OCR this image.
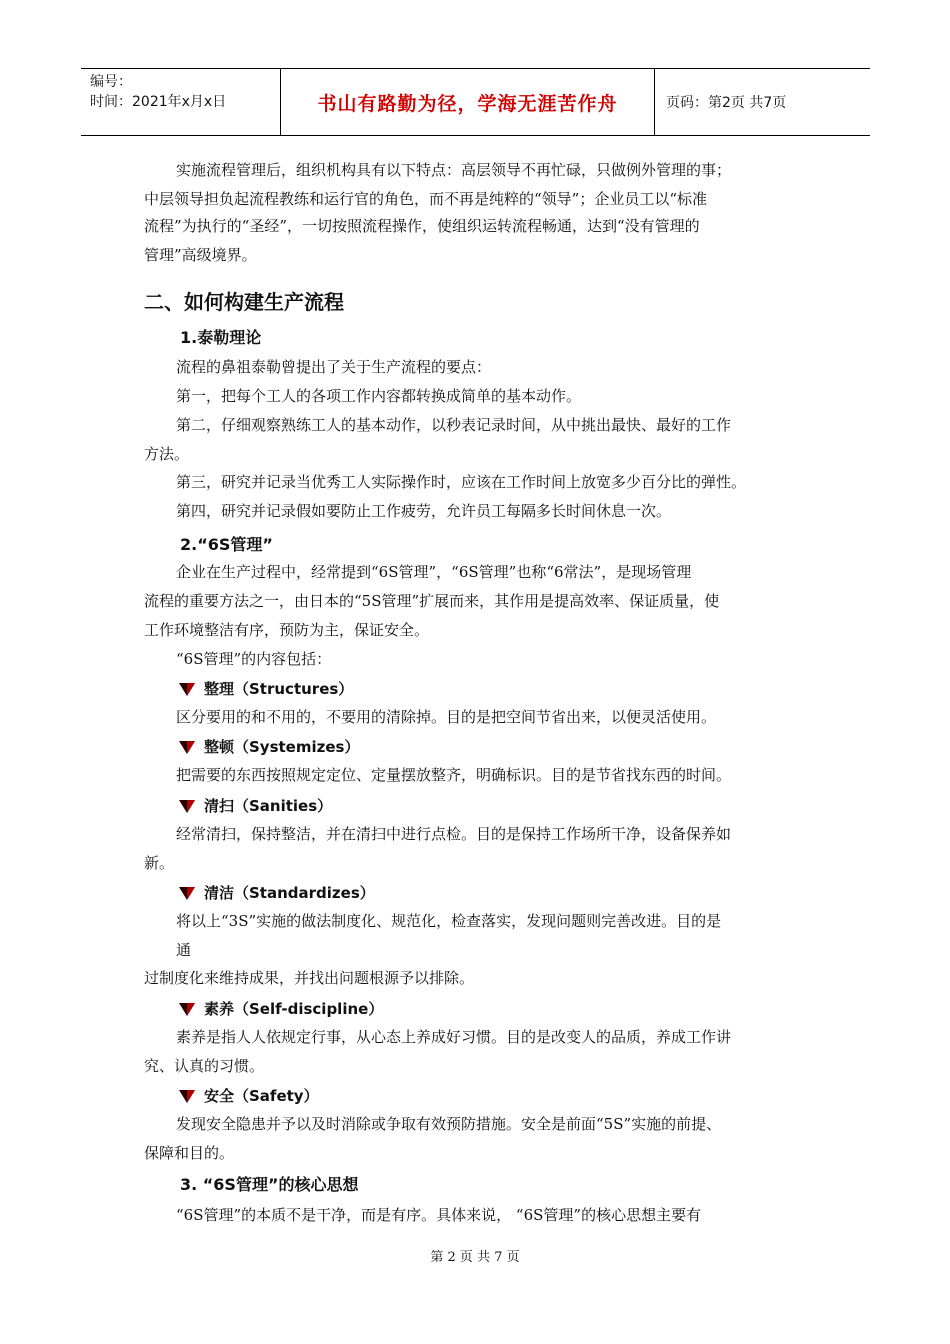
编号：
时间：2021年x月x日	书山有路勤为径，学海无涯苦作舟	页码：第2页 共7页
实施流程管理后，组织机构具有以下特点：高层领导不再忙碌，只做例外管理的事；
中层领导担负起流程教练和运行官的角色，而不再是纯粹的“领导”；企业员工以“标准
流程”为执行的“圣经”，一切按照流程操作，使组织运转流程畅通，达到“没有管理的
管理”高级境界。
二、如何构建生产流程
1.泰勒理论
流程的鼻祖泰勒曾提出了关于生产流程的要点：
第一，把每个工人的各项工作内容都转换成简单的基本动作。
第二，仔细观察熟练工人的基本动作，以秒表记录时间，从中挑出最快、最好的工作
方法。
第三，研究并记录当优秀工人实际操作时，应该在工作时间上放宽多少百分比的弹性。
第四，研究并记录假如要防止工作疲劳，允许员工每隔多长时间休息一次。
2.“6S管理”
企业在生产过程中，经常提到“6S管理”，“6S管理”也称“6常法”，是现场管理
流程的重要方法之一，由日本的“5S管理”扩展而来，其作用是提高效率、保证质量，使
工作环境整洁有序，预防为主，保证安全。
“6S管理”的内容包括：
整理（Structures）
区分要用的和不用的，不要用的清除掉。目的是把空间节省出来，以便灵活使用。
整顿（Systemizes）
把需要的东西按照规定定位、定量摆放整齐，明确标识。目的是节省找东西的时间。
清扫（Sanities）
经常清扫，保持整洁，并在清扫中进行点检。目的是保持工作场所干净，设备保养如
新。
清洁（Standardizes）
将以上“3S”实施的做法制度化、规范化，检查落实，发现问题则完善改进。目的是
通
过制度化来维持成果，并找出问题根源予以排除。
素养（Self-discipline）
素养是指人人依规定行事，从心态上养成好习惯。目的是改变人的品质，养成工作讲
究、认真的习惯。
安全（Safety）
发现安全隐患并予以及时消除或争取有效预防措施。安全是前面“5S”实施的前提、
保障和目的。
3. “6S管理”的核心思想
“6S管理”的本质不是干净，而是有序。具体来说， “6S管理”的核心思想主要有
第 2 页 共 7 页
